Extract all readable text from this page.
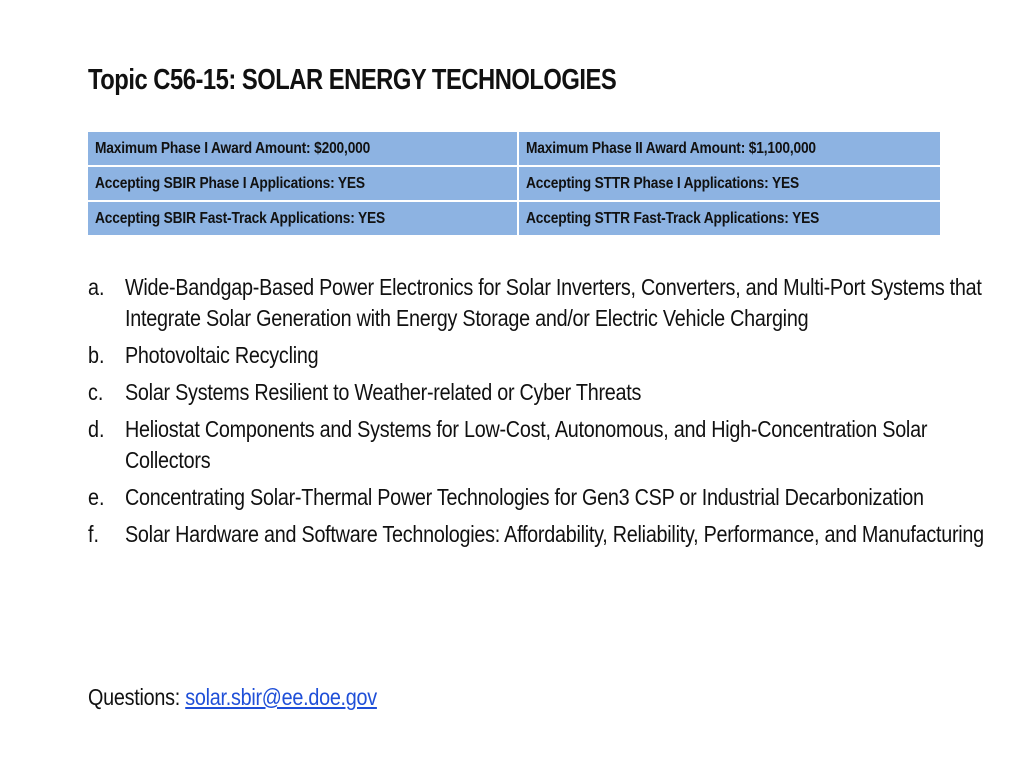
Topic C56-15: SOLAR ENERGY TECHNOLOGIES
Maximum Phase I Award Amount: $200,000	Maximum Phase II Award Amount: $1,100,000
Accepting SBIR Phase I Applications: YES	Accepting STTR Phase I Applications: YES
Accepting SBIR Fast-Track Applications: YES	Accepting STTR Fast-Track Applications: YES
a. Wide-Bandgap-Based Power Electronics for Solar Inverters, Converters, and Multi-Port Systems that Integrate Solar Generation with Energy Storage and/or Electric Vehicle Charging
b. Photovoltaic Recycling
c. Solar Systems Resilient to Weather-related or Cyber Threats
d. Heliostat Components and Systems for Low-Cost, Autonomous, and High-Concentration Solar Collectors
e. Concentrating Solar-Thermal Power Technologies for Gen3 CSP or Industrial Decarbonization
f.	Solar Hardware and Software Technologies: Affordability, Reliability, Performance, and Manufacturing
Questions: solar.sbir@ee.doe.gov
